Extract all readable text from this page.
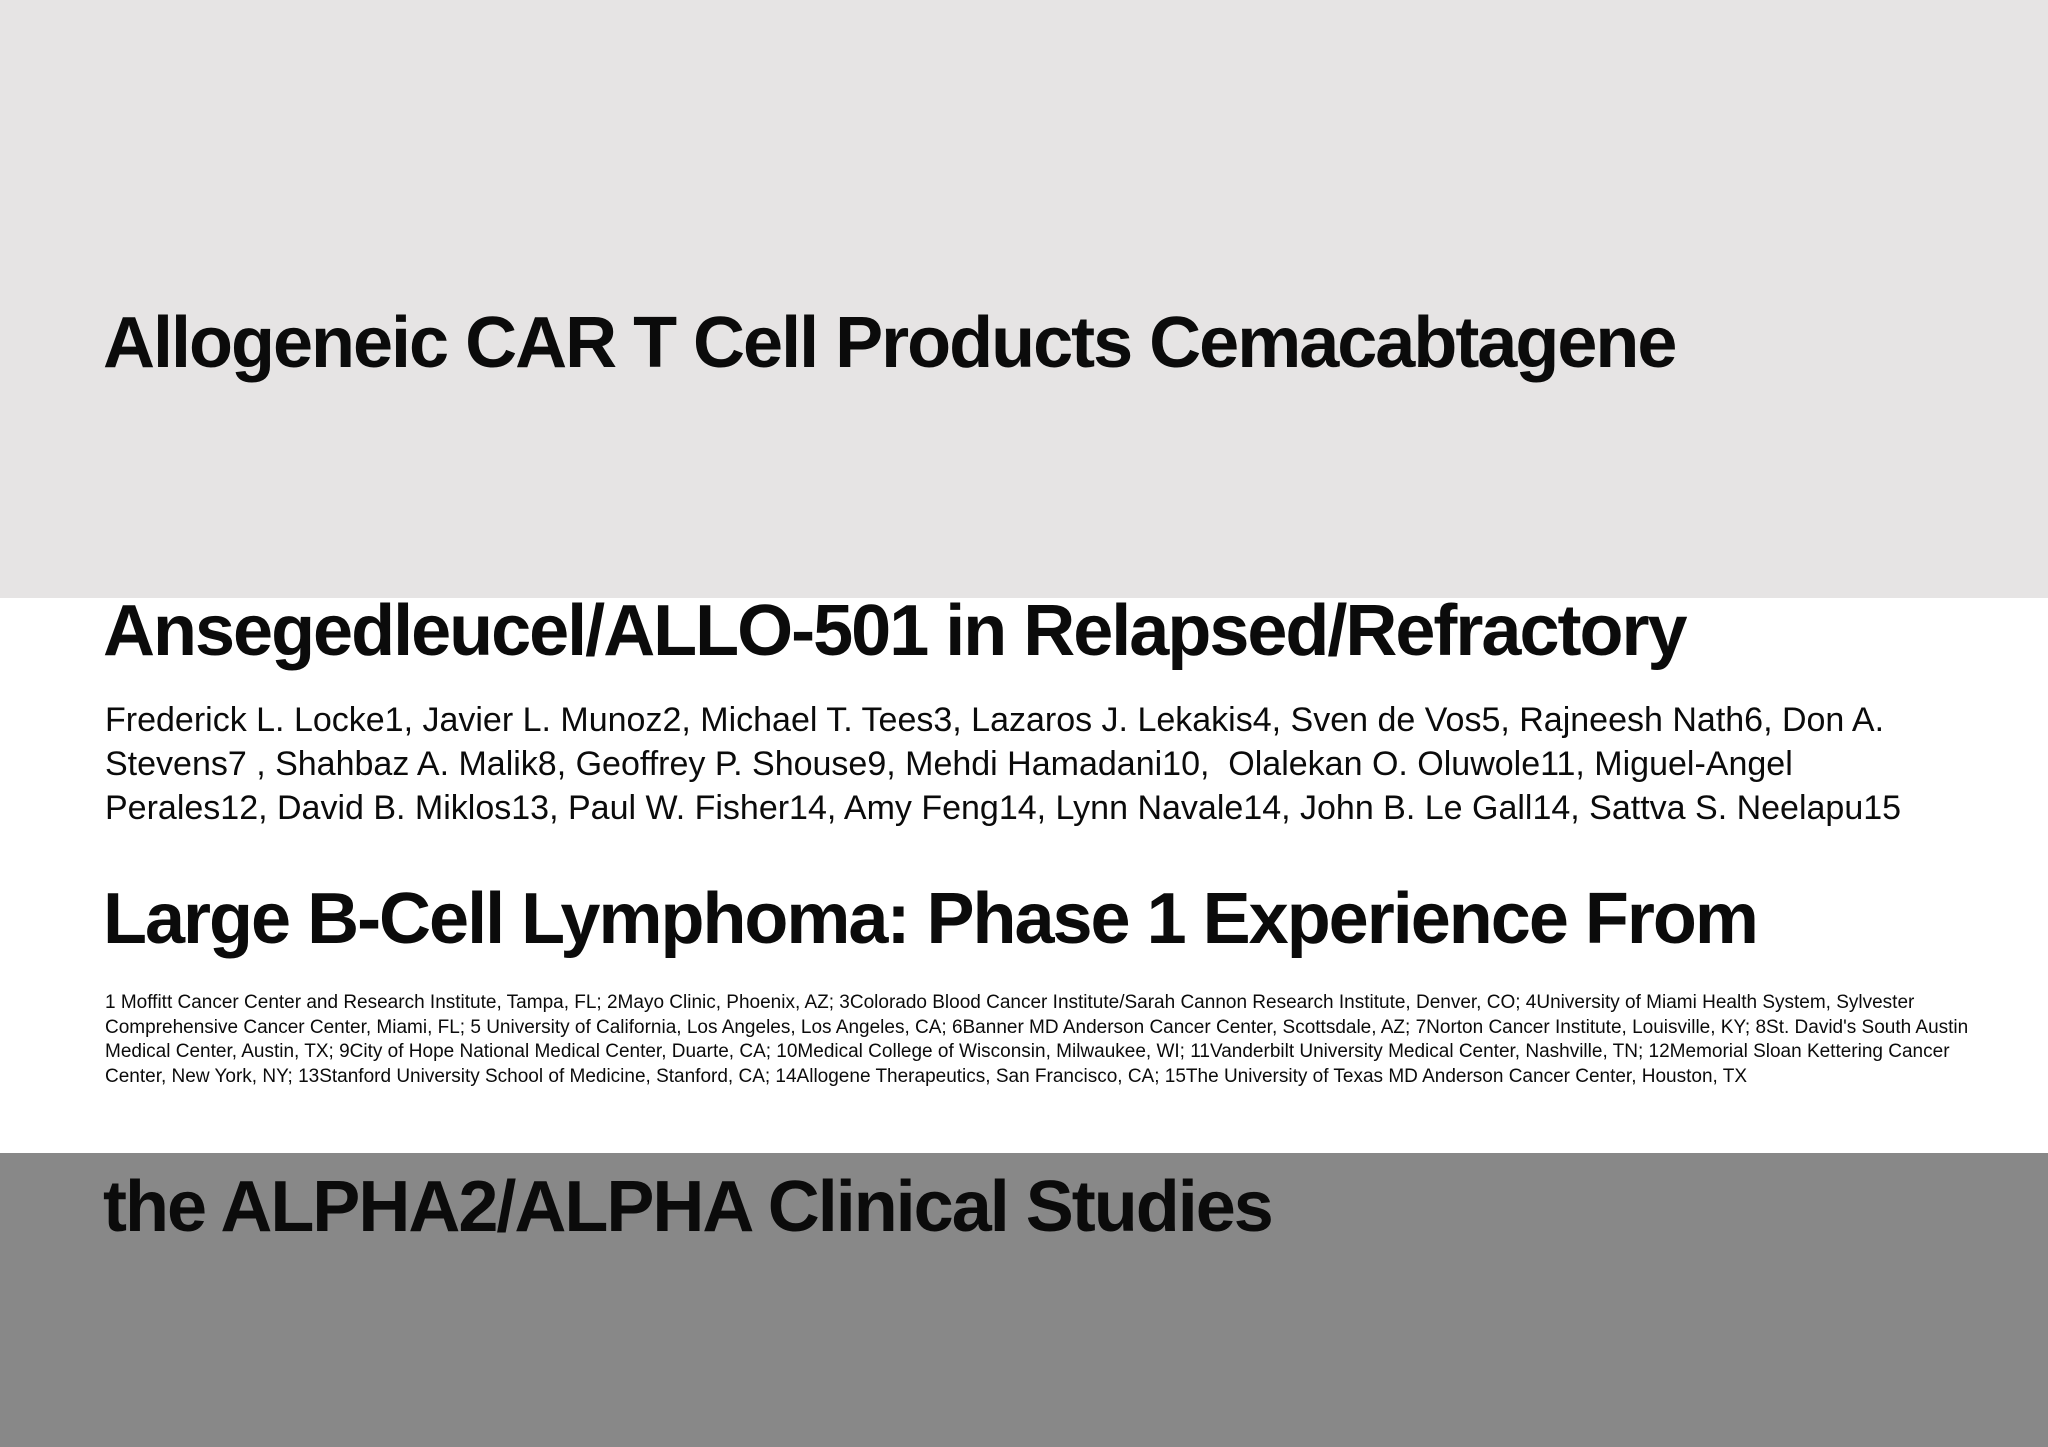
Allogeneic CAR T Cell Products Cemacabtagene

Ansegedleucel/ALLO-501 in Relapsed/Refractory

Large B-Cell Lymphoma: Phase 1 Experience From

the ALPHA2/ALPHA Clinical Studies

Frederick L. Locke1, Javier L. Munoz2, Michael T. Tees3, Lazaros J. Lekakis4, Sven de Vos5, Rajneesh Nath6, Don A.
Stevens7 , Shahbaz A. Malik8, Geoffrey P. Shouse9, Mehdi Hamadani10,  Olalekan O. Oluwole11, Miguel-Angel
Perales12, David B. Miklos13, Paul W. Fisher14, Amy Feng14, Lynn Navale14, John B. Le Gall14, Sattva S. Neelapu15

1 Moffitt Cancer Center and Research Institute, Tampa, FL; 2Mayo Clinic, Phoenix, AZ; 3Colorado Blood Cancer Institute/Sarah Cannon Research Institute, Denver, CO; 4University of Miami Health System, Sylvester
Comprehensive Cancer Center, Miami, FL; 5 University of California, Los Angeles, Los Angeles, CA; 6Banner MD Anderson Cancer Center, Scottsdale, AZ; 7Norton Cancer Institute, Louisville, KY; 8St. David's South Austin
Medical Center, Austin, TX; 9City of Hope National Medical Center, Duarte, CA; 10Medical College of Wisconsin, Milwaukee, WI; 11Vanderbilt University Medical Center, Nashville, TN; 12Memorial Sloan Kettering Cancer
Center, New York, NY; 13Stanford University School of Medicine, Stanford, CA; 14Allogene Therapeutics, San Francisco, CA; 15The University of Texas MD Anderson Cancer Center, Houston, TX
